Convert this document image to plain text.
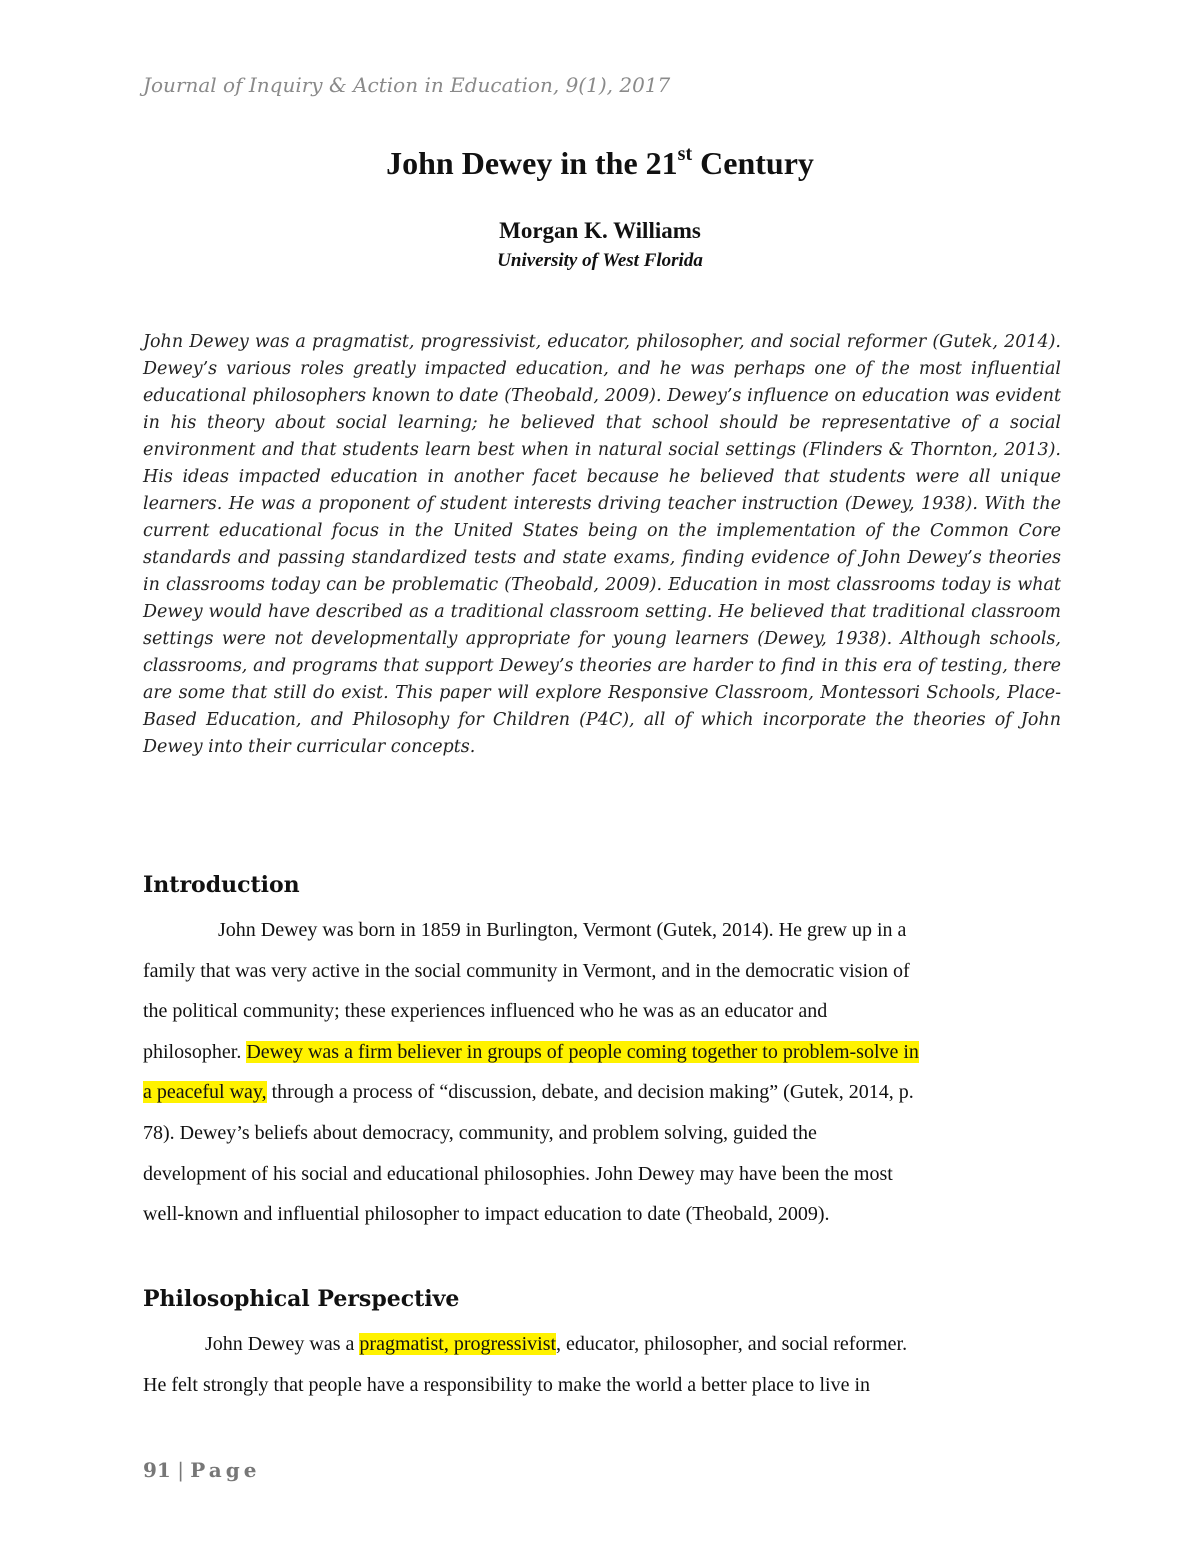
Journal of Inquiry & Action in Education, 9(1), 2017
John Dewey in the 21st Century
Morgan K. Williams
University of West Florida
John Dewey was a pragmatist, progressivist, educator, philosopher, and social reformer (Gutek, 2014). Dewey’s various roles greatly impacted education, and he was perhaps one of the most influential educational philosophers known to date (Theobald, 2009). Dewey’s influence on education was evident in his theory about social learning; he believed that school should be representative of a social environment and that students learn best when in natural social settings (Flinders & Thornton, 2013). His ideas impacted education in another facet because he believed that students were all unique learners. He was a proponent of student interests driving teacher instruction (Dewey, 1938). With the current educational focus in the United States being on the implementation of the Common Core standards and passing standardized tests and state exams, finding evidence of John Dewey’s theories in classrooms today can be problematic (Theobald, 2009). Education in most classrooms today is what Dewey would have described as a traditional classroom setting. He believed that traditional classroom settings were not developmentally appropriate for young learners (Dewey, 1938). Although schools, classrooms, and programs that support Dewey’s theories are harder to find in this era of testing, there are some that still do exist. This paper will explore Responsive Classroom, Montessori Schools, Place-Based Education, and Philosophy for Children (P4C), all of which incorporate the theories of John Dewey into their curricular concepts.
Introduction
John Dewey was born in 1859 in Burlington, Vermont (Gutek, 2014). He grew up in a
family that was very active in the social community in Vermont, and in the democratic vision of
the political community; these experiences influenced who he was as an educator and
philosopher. Dewey was a firm believer in groups of people coming together to problem-solve in
a peaceful way, through a process of “discussion, debate, and decision making” (Gutek, 2014, p.
78). Dewey’s beliefs about democracy, community, and problem solving, guided the
development of his social and educational philosophies. John Dewey may have been the most
well-known and influential philosopher to impact education to date (Theobald, 2009).
Philosophical Perspective
John Dewey was a pragmatist, progressivist, educator, philosopher, and social reformer.
He felt strongly that people have a responsibility to make the world a better place to live in
91 | Page
